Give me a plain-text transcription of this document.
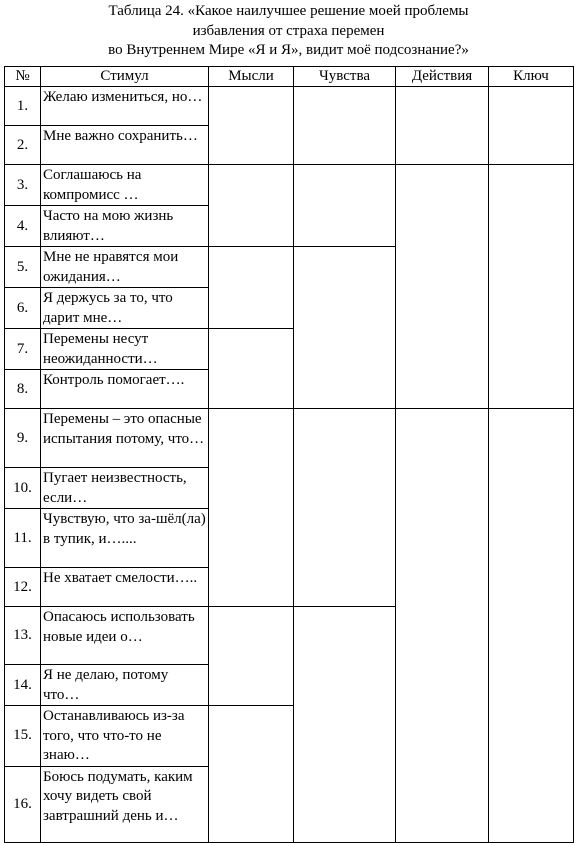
Таблица 24. «Какое наилучшее решение моей проблемы
избавления от страха перемен
во Внутреннем Мире «Я и Я», видит моё подсознание?»
№	Стимул	Мысли	Чувства	Действия	Ключ
1.	Желаю измениться, но…				
2.	Мне важно сохранить…				
3.	Соглашаюсь на компромисс …				
4.	Часто на мою жизнь влияют…				
5.	Мне не нравятся мои ожидания…				
6.	Я держусь за то, что дарит мне…				
7.	Перемены несут неожиданности…				
8.	Контроль помогает….				
9.	Перемены – это опасные испытания потому, что…				
10.	Пугает неизвестность, если…				
11.	Чувствую, что за-шёл(ла) в тупик, и…....				
12.	Не хватает смелости…..				
13.	Опасаюсь использовать новые идеи о…				
14.	Я не делаю, потому что…				
15.	Останавливаюсь из-за того, что что-то не знаю…				
16.	Боюсь подумать, каким хочу видеть свой завтрашний день и…				
